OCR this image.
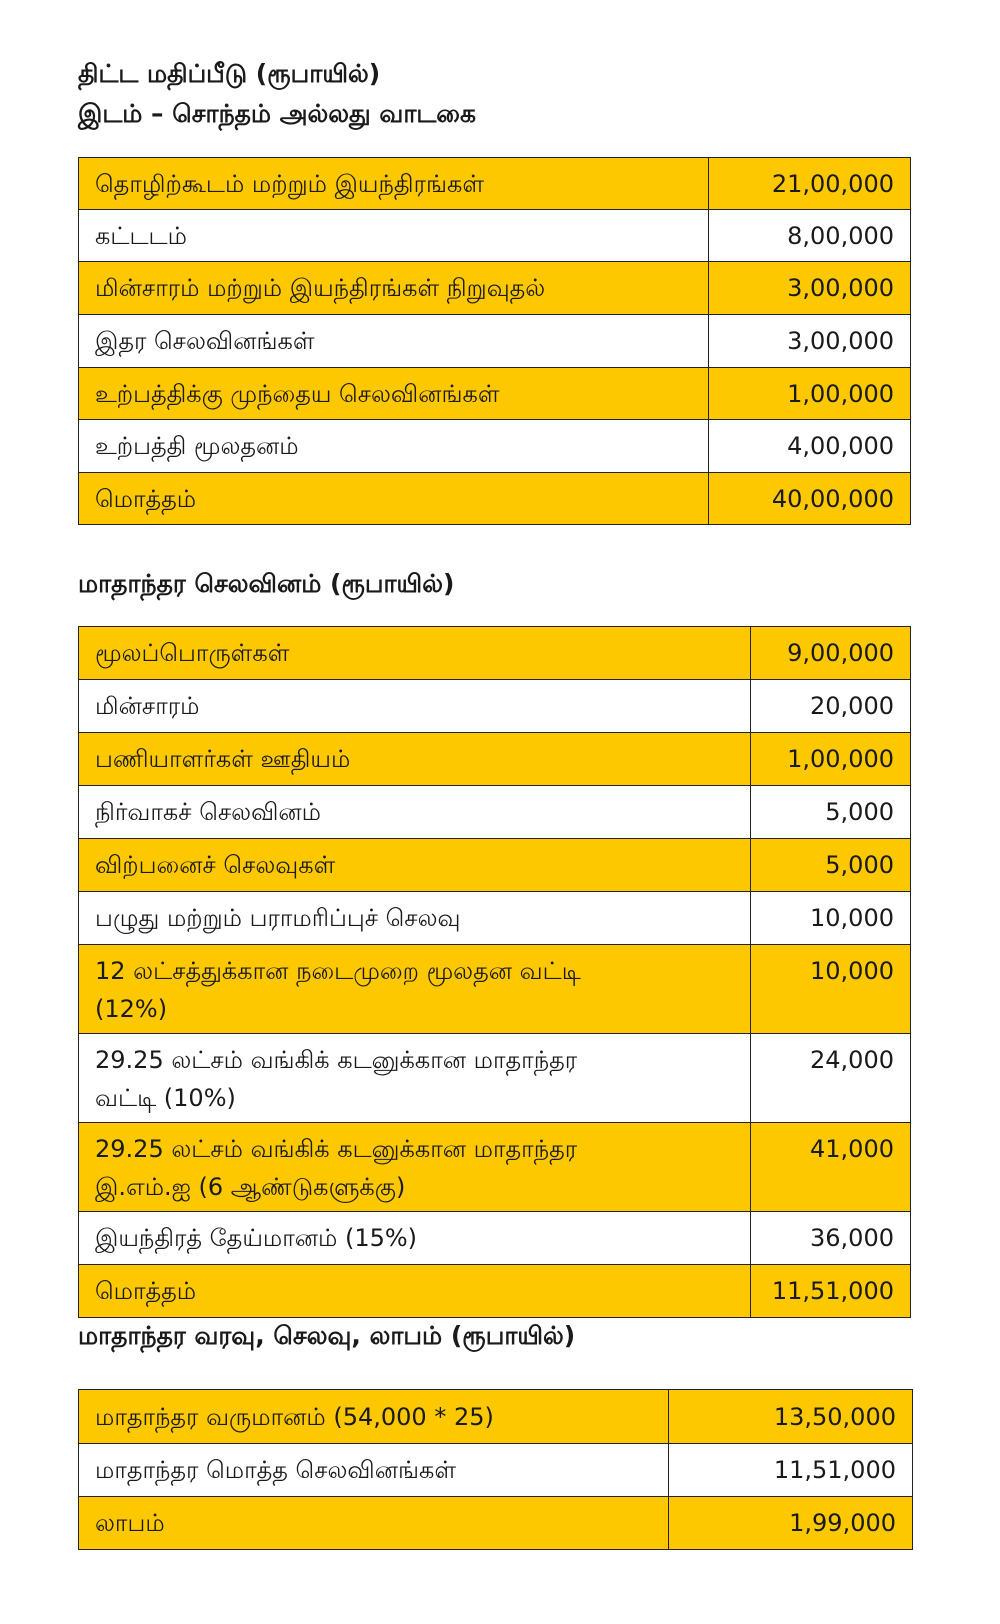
திட்ட மதிப்பீடு (ரூபாயில்)

இடம் – சொந்தம் அல்லது வாடகை

தொழிற்கூடம் மற்றும் இயந்திரங்கள்	21,00,000
கட்டடம்	8,00,000
மின்சாரம் மற்றும் இயந்திரங்கள் நிறுவுதல்	3,00,000
இதர செலவினங்கள்	3,00,000
உற்பத்திக்கு முந்தைய செலவினங்கள்	1,00,000
உற்பத்தி மூலதனம்	4,00,000
மொத்தம்	40,00,000

மாதாந்தர செலவினம் (ரூபாயில்)

மூலப்பொருள்கள்	9,00,000
மின்சாரம்	20,000
பணியாளர்கள் ஊதியம்	1,00,000
நிர்வாகச் செலவினம்	5,000
விற்பனைச் செலவுகள்	5,000
பழுது மற்றும் பராமரிப்புச் செலவு	10,000

12 லட்சத்துக்கான நடைமுறை மூலதன வட்டி
(12%)	10,000

29.25 லட்சம் வங்கிக் கடனுக்கான மாதாந்தர
வட்டி (10%)	24,000

29.25 லட்சம் வங்கிக் கடனுக்கான மாதாந்தர
இ.எம்.ஐ (6 ஆண்டுகளுக்கு)	41,000
இயந்திரத் தேய்மானம் (15%)	36,000
மொத்தம்	11,51,000

மாதாந்தர வரவு, செலவு, லாபம் (ரூபாயில்)

மாதாந்தர வருமானம் (54,000 * 25)	13,50,000
மாதாந்தர மொத்த செலவினங்கள்	11,51,000
லாபம்	1,99,000
